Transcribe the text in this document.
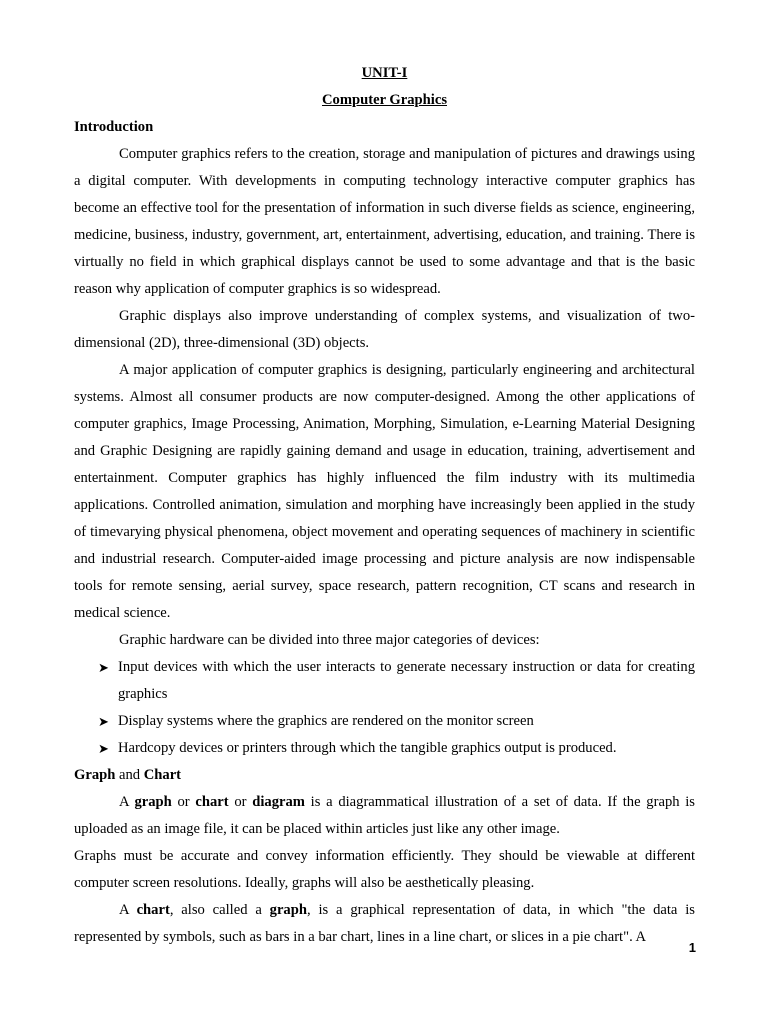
UNIT-I

Computer Graphics

Introduction

Computer graphics refers to the creation, storage and manipulation of pictures and drawings using a digital computer. With developments in computing technology interactive computer graphics has become an effective tool for the presentation of information in such diverse fields as science, engineering, medicine, business, industry, government, art, entertainment, advertising, education, and training. There is virtually no field in which graphical displays cannot be used to some advantage and that is the basic reason why application of computer graphics is so widespread.

Graphic displays also improve understanding of complex systems, and visualization of two-dimensional (2D), three-dimensional (3D) objects.

A major application of computer graphics is designing, particularly engineering and architectural systems. Almost all consumer products are now computer-designed. Among the other applications of computer graphics, Image Processing, Animation, Morphing, Simulation, e-Learning Material Designing and Graphic Designing are rapidly gaining demand and usage in education, training, advertisement and entertainment. Computer graphics has highly influenced the film industry with its multimedia applications. Controlled animation, simulation and morphing have increasingly been applied in the study of timevarying physical phenomena, object movement and operating sequences of machinery in scientific and industrial research. Computer-aided image processing and picture analysis are now indispensable tools for remote sensing, aerial survey, space research, pattern recognition, CT scans and research in medical science.

Graphic hardware can be divided into three major categories of devices:

➤ Input devices with which the user interacts to generate necessary instruction or data for creating graphics
➤ Display systems where the graphics are rendered on the monitor screen
➤ Hardcopy devices or printers through which the tangible graphics output is produced.

Graph and Chart

A graph or chart or diagram is a diagrammatical illustration of a set of data. If the graph is uploaded as an image file, it can be placed within articles just like any other image.

Graphs must be accurate and convey information efficiently. They should be viewable at different computer screen resolutions. Ideally, graphs will also be aesthetically pleasing.

A chart, also called a graph, is a graphical representation of data, in which "the data is represented by symbols, such as bars in a bar chart, lines in a line chart, or slices in a pie chart". A

1
